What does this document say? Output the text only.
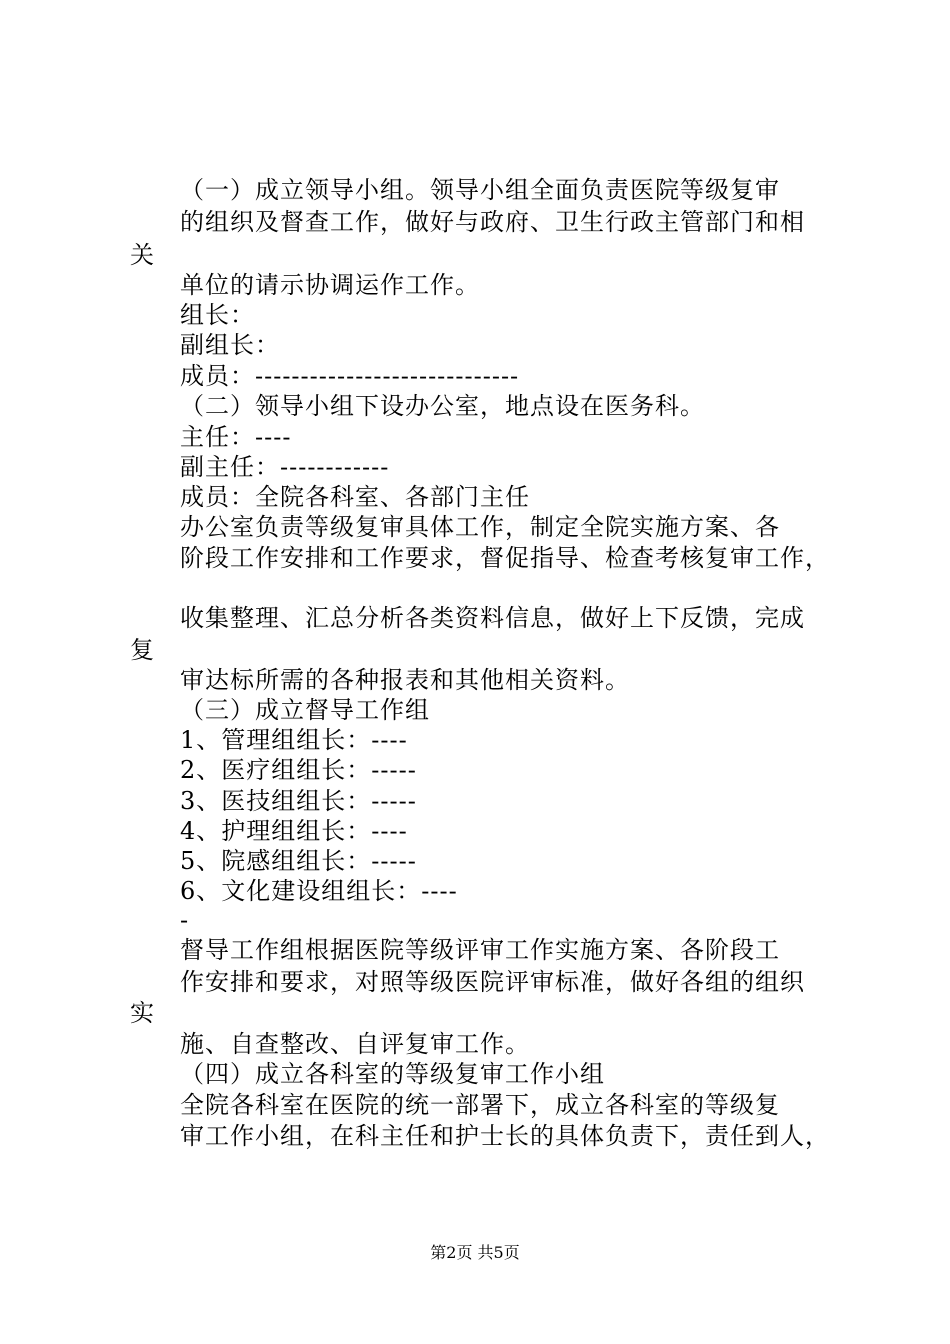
（一）成立领导小组。领导小组全面负责医院等级复审
的组织及督查工作，做好与政府、卫生行政主管部门和相
关
单位的请示协调运作工作。
组长：
副组长：
成员：-----------------------------
（二）领导小组下设办公室，地点设在医务科。
主任：----
副主任：------------
成员：全院各科室、各部门主任
办公室负责等级复审具体工作，制定全院实施方案、各
阶段工作安排和工作要求，督促指导、检查考核复审工作，
收集整理、汇总分析各类资料信息，做好上下反馈，完成
复
审达标所需的各种报表和其他相关资料。
（三）成立督导工作组
1、管理组组长：----
2、医疗组组长：-----
3、医技组组长：-----
4、护理组组长：----
5、院感组组长：-----
6、文化建设组组长：----
-
督导工作组根据医院等级评审工作实施方案、各阶段工
作安排和要求，对照等级医院评审标准，做好各组的组织
实
施、自查整改、自评复审工作。
（四）成立各科室的等级复审工作小组
全院各科室在医院的统一部署下，成立各科室的等级复
审工作小组，在科主任和护士长的具体负责下，责任到人，
第2页 共5页
